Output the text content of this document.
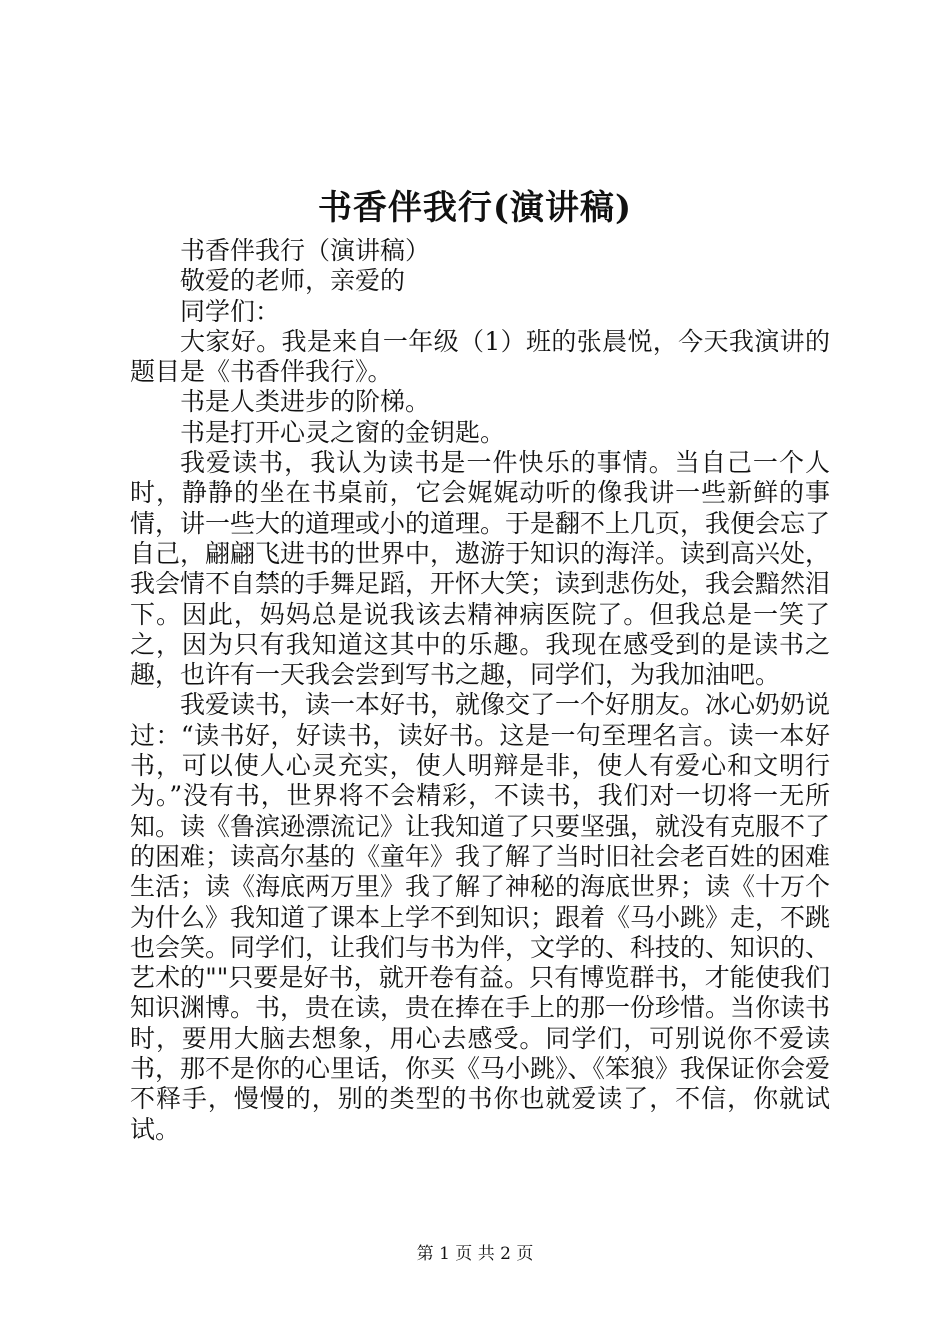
书香伴我行(演讲稿)

书香伴我行（演讲稿）

敬爱的老师，亲爱的

同学们：

大家好。我是来自一年级（1）班的张晨悦，今天我演讲的题目是《书香伴我行》。

书是人类进步的阶梯。

书是打开心灵之窗的金钥匙。

我爱读书，我认为读书是一件快乐的事情。当自己一个人时，静静的坐在书桌前，它会娓娓动听的像我讲一些新鲜的事情，讲一些大的道理或小的道理。于是翻不上几页，我便会忘了自己，翩翩飞进书的世界中，遨游于知识的海洋。读到高兴处，我会情不自禁的手舞足蹈，开怀大笑；读到悲伤处，我会黯然泪下。因此，妈妈总是说我该去精神病医院了。但我总是一笑了之，因为只有我知道这其中的乐趣。我现在感受到的是读书之趣，也许有一天我会尝到写书之趣，同学们，为我加油吧。

我爱读书，读一本好书，就像交了一个好朋友。冰心奶奶说过：“读书好，好读书，读好书。这是一句至理名言。读一本好书，可以使人心灵充实，使人明辩是非，使人有爱心和文明行为。”没有书，世界将不会精彩，不读书，我们对一切将一无所知。读《鲁滨逊漂流记》让我知道了只要坚强，就没有克服不了的困难；读高尔基的《童年》我了解了当时旧社会老百姓的困难生活；读《海底两万里》我了解了神秘的海底世界；读《十万个为什么》我知道了课本上学不到知识；跟着《马小跳》走，不跳也会笑。同学们，让我们与书为伴，文学的、科技的、知识的、艺术的""只要是好书，就开卷有益。只有博览群书，才能使我们知识渊博。书，贵在读，贵在捧在手上的那一份珍惜。当你读书时，要用大脑去想象，用心去感受。同学们，可别说你不爱读书，那不是你的心里话，你买《马小跳》、《笨狼》我保证你会爱不释手，慢慢的，别的类型的书你也就爱读了，不信，你就试试。

第 1 页 共 2 页
